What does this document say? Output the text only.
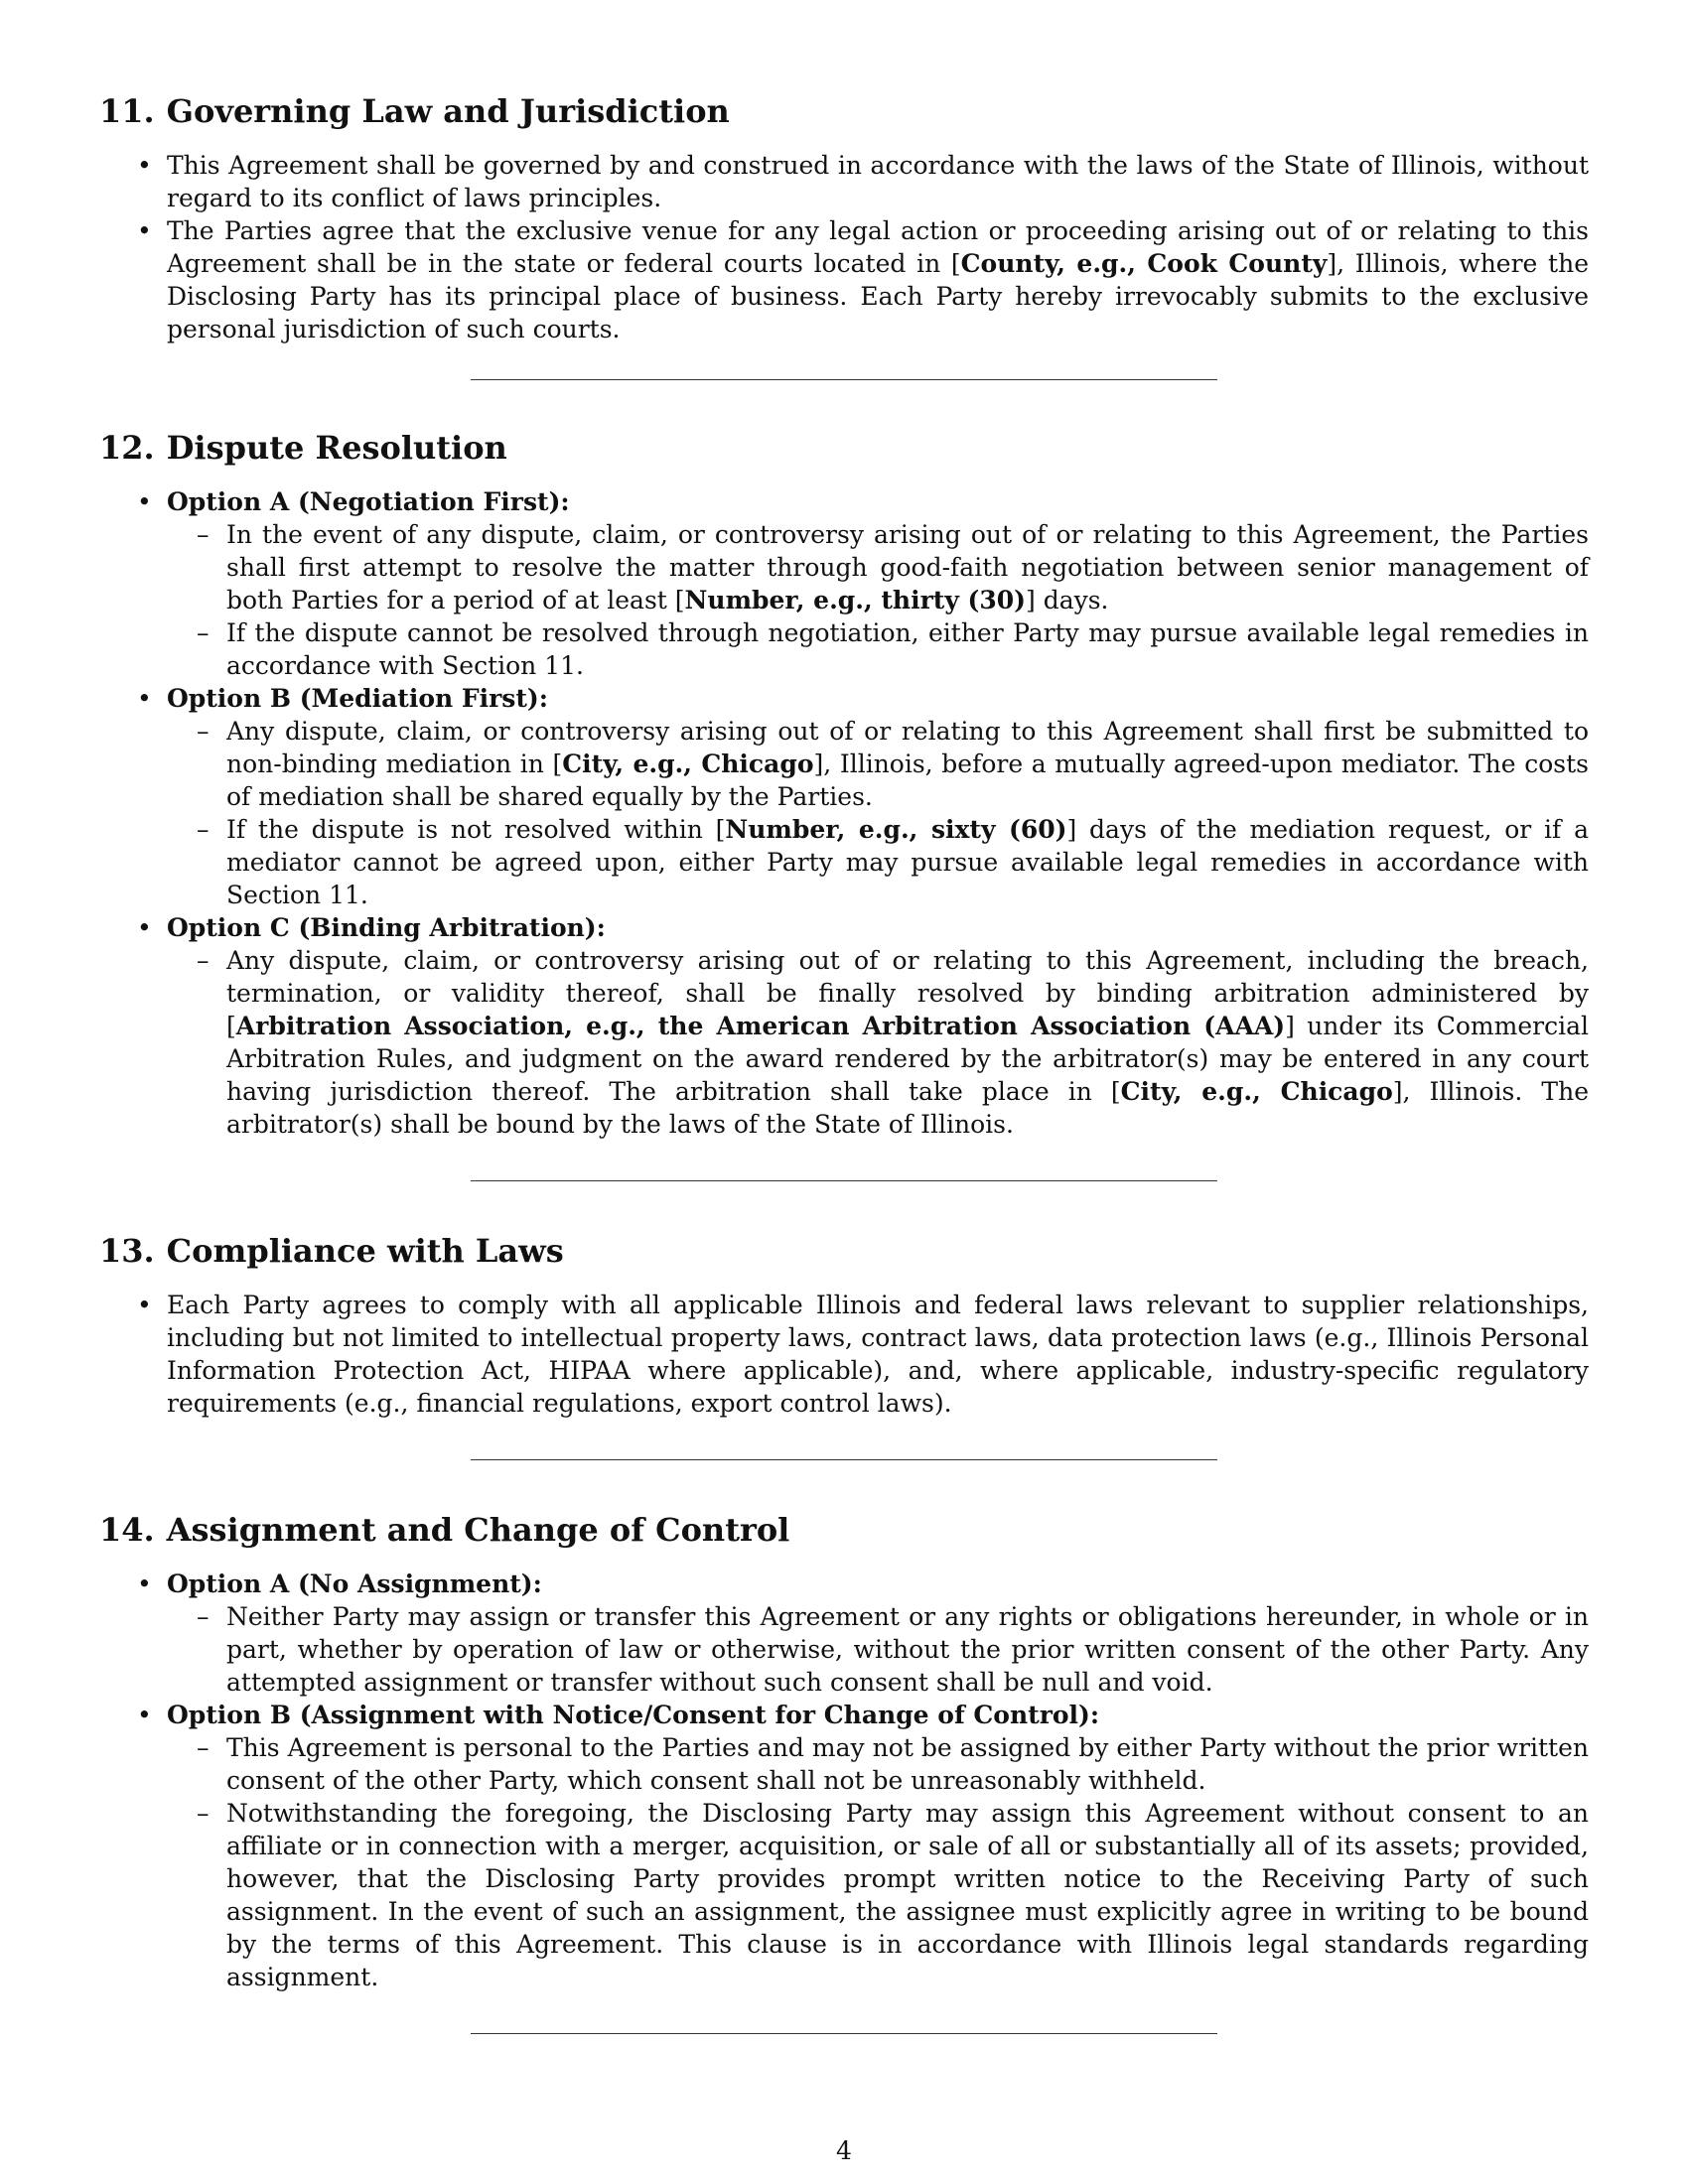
11. Governing Law and Jurisdiction
• This Agreement shall be governed by and construed in accordance with the laws of the State of Illinois, without regard to its conflict of laws principles.
• The Parties agree that the exclusive venue for any legal action or proceeding arising out of or relating to this Agreement shall be in the state or federal courts located in [County, e.g., Cook County], Illinois, where the Disclosing Party has its principal place of business. Each Party hereby irrevocably submits to the exclusive personal jurisdiction of such courts.
12. Dispute Resolution
• Option A (Negotiation First):
– In the event of any dispute, claim, or controversy arising out of or relating to this Agreement, the Parties shall first attempt to resolve the matter through good-faith negotiation between senior management of both Parties for a period of at least [Number, e.g., thirty (30)] days.
– If the dispute cannot be resolved through negotiation, either Party may pursue available legal remedies in accordance with Section 11.
• Option B (Mediation First):
– Any dispute, claim, or controversy arising out of or relating to this Agreement shall first be submitted to non-binding mediation in [City, e.g., Chicago], Illinois, before a mutually agreed-upon mediator. The costs of mediation shall be shared equally by the Parties.
– If the dispute is not resolved within [Number, e.g., sixty (60)] days of the mediation request, or if a mediator cannot be agreed upon, either Party may pursue available legal remedies in accordance with Section 11.
• Option C (Binding Arbitration):
– Any dispute, claim, or controversy arising out of or relating to this Agreement, including the breach, termination, or validity thereof, shall be finally resolved by binding arbitration administered by [Arbitration Association, e.g., the American Arbitration Association (AAA)] under its Commercial Arbitration Rules, and judgment on the award rendered by the arbitrator(s) may be entered in any court having jurisdiction thereof. The arbitration shall take place in [City, e.g., Chicago], Illinois. The arbitrator(s) shall be bound by the laws of the State of Illinois.
13. Compliance with Laws
• Each Party agrees to comply with all applicable Illinois and federal laws relevant to supplier relationships, including but not limited to intellectual property laws, contract laws, data protection laws (e.g., Illinois Personal Information Protection Act, HIPAA where applicable), and, where applicable, industry-specific regulatory requirements (e.g., financial regulations, export control laws).
14. Assignment and Change of Control
• Option A (No Assignment):
– Neither Party may assign or transfer this Agreement or any rights or obligations hereunder, in whole or in part, whether by operation of law or otherwise, without the prior written consent of the other Party. Any attempted assignment or transfer without such consent shall be null and void.
• Option B (Assignment with Notice/Consent for Change of Control):
– This Agreement is personal to the Parties and may not be assigned by either Party without the prior written consent of the other Party, which consent shall not be unreasonably withheld.
– Notwithstanding the foregoing, the Disclosing Party may assign this Agreement without consent to an affiliate or in connection with a merger, acquisition, or sale of all or substantially all of its assets; provided, however, that the Disclosing Party provides prompt written notice to the Receiving Party of such assignment. In the event of such an assignment, the assignee must explicitly agree in writing to be bound by the terms of this Agreement. This clause is in accordance with Illinois legal standards regarding assignment.
4
